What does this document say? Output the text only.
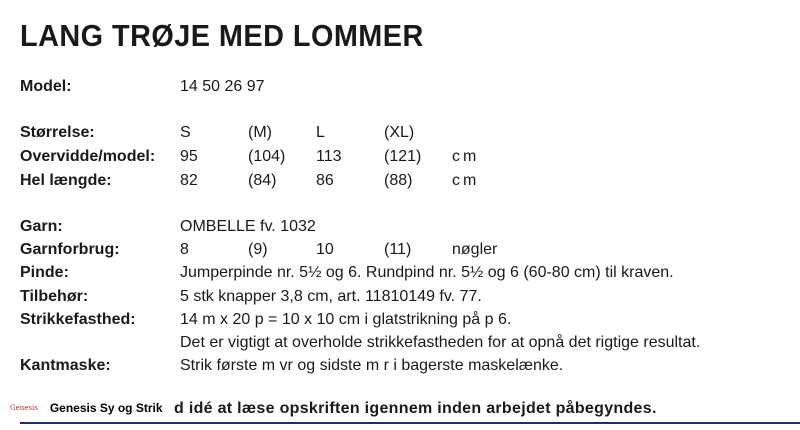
LANG TRØJE MED LOMMER
Model:	14 50 26 97
Størrelse:	S	(M)	L	(XL)
Overvidde/model: 95	(104) 113	(121) cm
Hel længde:	82	(84) 86	(88) cm
Garn:	OMBELLE fv. 1032
Garnforbrug:	8	(9)	10	(11)	nøgler
Pinde:	Jumperpinde nr. 5½ og 6. Rundpind nr. 5½ og 6 (60-80 cm) til kraven.
Tilbehør:	5 stk knapper 3,8 cm, art. 11810149 fv. 77.
Strikkefasthed:	14 m x 20 p = 10 x 10 cm i glatstrikning på p 6.
Det er vigtigt at overholde strikkefastheden for at opnå det rigtige resultat.
Kantmaske:	Strik første m vr og sidste m r i bagerste maskelænke.
d idé at læse opskriften igennem inden arbejdet påbegyndes.
Genesis Genesis Sy og Strik
